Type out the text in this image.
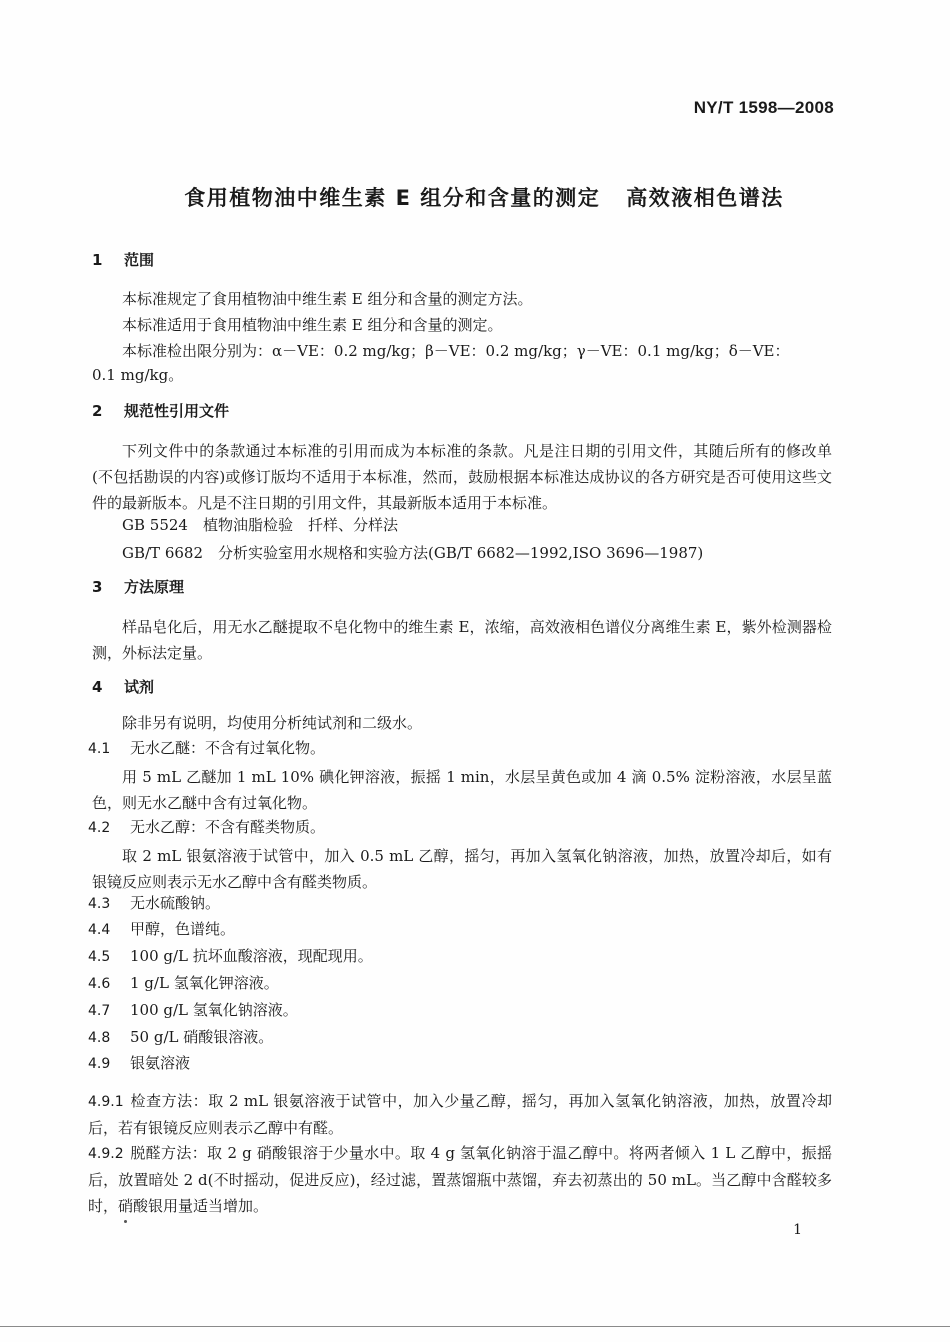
NY/T 1598—2008
食用植物油中维生素 E 组分和含量的测定 高效液相色谱法
1 范围
本标准规定了食用植物油中维生素 E 组分和含量的测定方法。
本标准适用于食用植物油中维生素 E 组分和含量的测定。
本标准检出限分别为：α－VE：0.2 mg/kg；β－VE：0.2 mg/kg；γ－VE：0.1 mg/kg；δ－VE：
0.1 mg/kg。
2 规范性引用文件
下列文件中的条款通过本标准的引用而成为本标准的条款。凡是注日期的引用文件，其随后所有的修改单(不包括勘误的内容)或修订版均不适用于本标准，然而，鼓励根据本标准达成协议的各方研究是否可使用这些文件的最新版本。凡是不注日期的引用文件，其最新版本适用于本标准。
GB 5524　植物油脂检验　扦样、分样法
GB/T 6682　分析实验室用水规格和实验方法(GB/T 6682—1992,ISO 3696—1987)
3 方法原理
样品皂化后，用无水乙醚提取不皂化物中的维生素 E，浓缩，高效液相色谱仪分离维生素 E，紫外检测器检测，外标法定量。
4 试剂
除非另有说明，均使用分析纯试剂和二级水。
4.1 无水乙醚：不含有过氧化物。
用 5 mL 乙醚加 1 mL 10% 碘化钾溶液，振摇 1 min，水层呈黄色或加 4 滴 0.5% 淀粉溶液，水层呈蓝色，则无水乙醚中含有过氧化物。
4.2 无水乙醇：不含有醛类物质。
取 2 mL 银氨溶液于试管中，加入 0.5 mL 乙醇，摇匀，再加入氢氧化钠溶液，加热，放置冷却后，如有银镜反应则表示无水乙醇中含有醛类物质。
4.3 无水硫酸钠。
4.4 甲醇，色谱纯。
4.5 100 g/L 抗坏血酸溶液，现配现用。
4.6 1 g/L 氢氧化钾溶液。
4.7 100 g/L 氢氧化钠溶液。
4.8 50 g/L 硝酸银溶液。
4.9 银氨溶液
4.9.1 检查方法：取 2 mL 银氨溶液于试管中，加入少量乙醇，摇匀，再加入氢氧化钠溶液，加热，放置冷却后，若有银镜反应则表示乙醇中有醛。
4.9.2 脱醛方法：取 2 g 硝酸银溶于少量水中。取 4 g 氢氧化钠溶于温乙醇中。将两者倾入 1 L 乙醇中，振摇后，放置暗处 2 d(不时摇动，促进反应)，经过滤，置蒸馏瓶中蒸馏，弃去初蒸出的 50 mL。当乙醇中含醛较多时，硝酸银用量适当增加。
1
